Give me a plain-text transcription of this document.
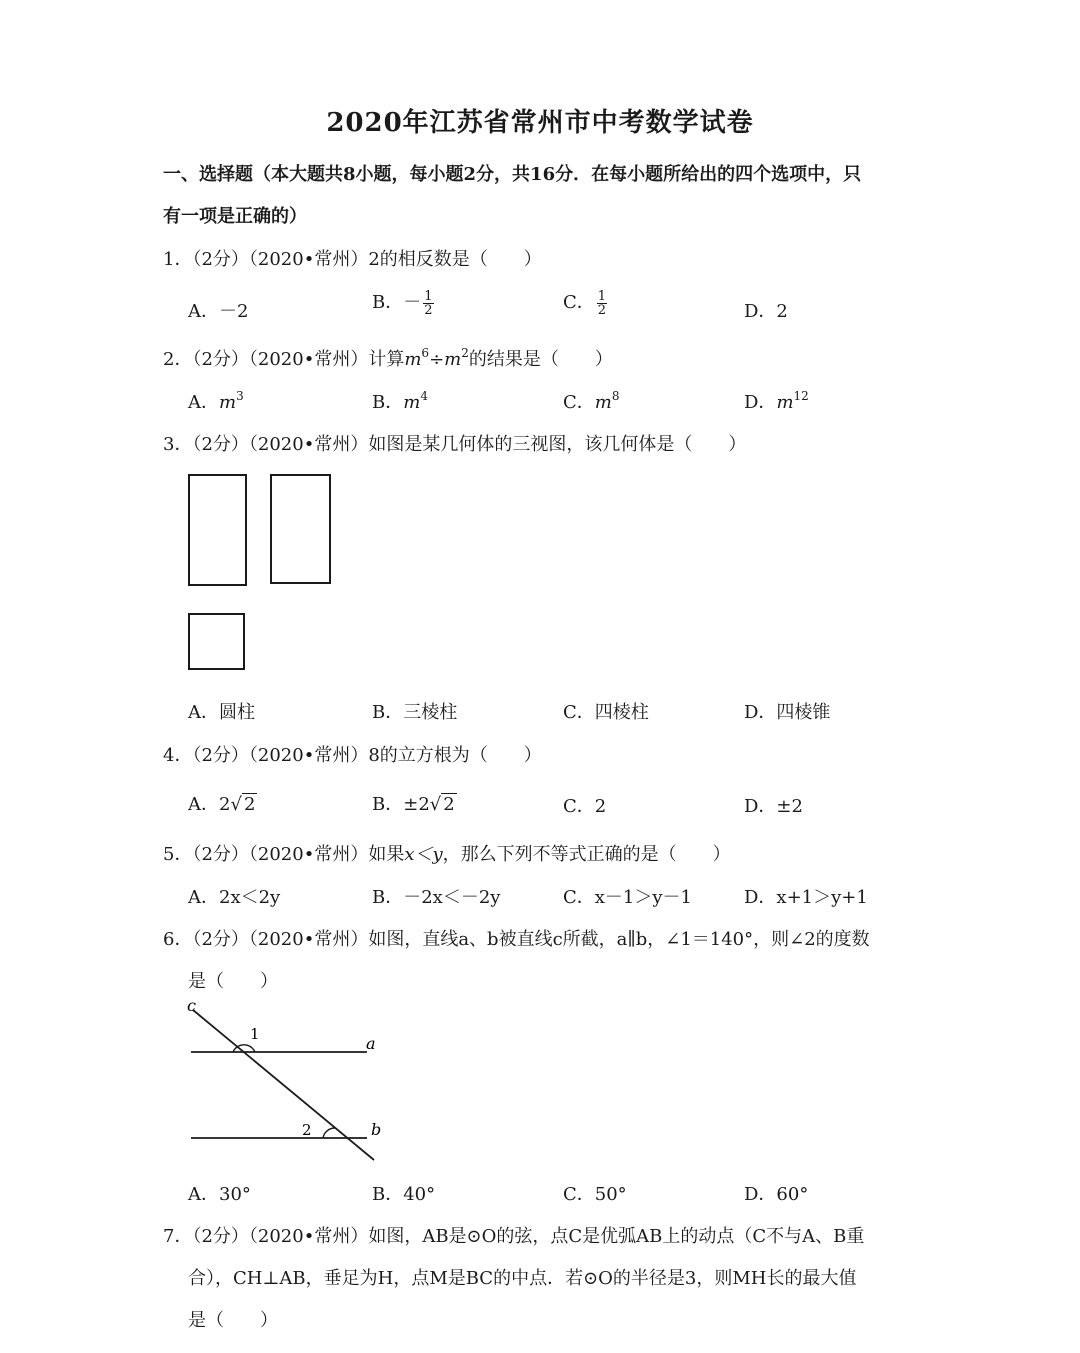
2020年江苏省常州市中考数学试卷
一、选择题（本大题共8小题，每小题2分，共16分．在每小题所给出的四个选项中，只
有一项是正确的）
1．（2分）（2020•常州）2的相反数是（　　）
A．－2	B．－ $\frac{1}{2}$	C． $\frac{1}{2}$	D．2
2．（2分）（2020•常州）计算$m^6\div m^2$的结果是（　　）
A．$m^3$	B．$m^4$	C．$m^8$	D．$m^{12}$
3．（2分）（2020•常州）如图是某几何体的三视图，该几何体是（　　）
A．圆柱	B．三棱柱	C．四棱柱	D．四棱锥
4．（2分）（2020•常州）8的立方根为（　　）
A．2√ 2	B．±2√ 2	C．2	D．±2
5．（2分）（2020•常州）如果x＜y，那么下列不等式正确的是（　　）
A．2x＜2y	B．－2x＜－2y	C．x－1＞y－1	D．x+1＞y+1
6．（2分）（2020•常州）如图，直线a、b被直线c所截，a∥b，∠1＝140°，则∠2的度数
是（　　）
c
a
b
1
2
A．30°	B．40°	C．50°	D．60°
7．（2分）（2020•常州）如图，AB是⊙O的弦，点C是优弧AB上的动点（C不与A、B重
合），CH⊥AB，垂足为H，点M是BC的中点．若⊙O的半径是3，则MH长的最大值
是（　　）
